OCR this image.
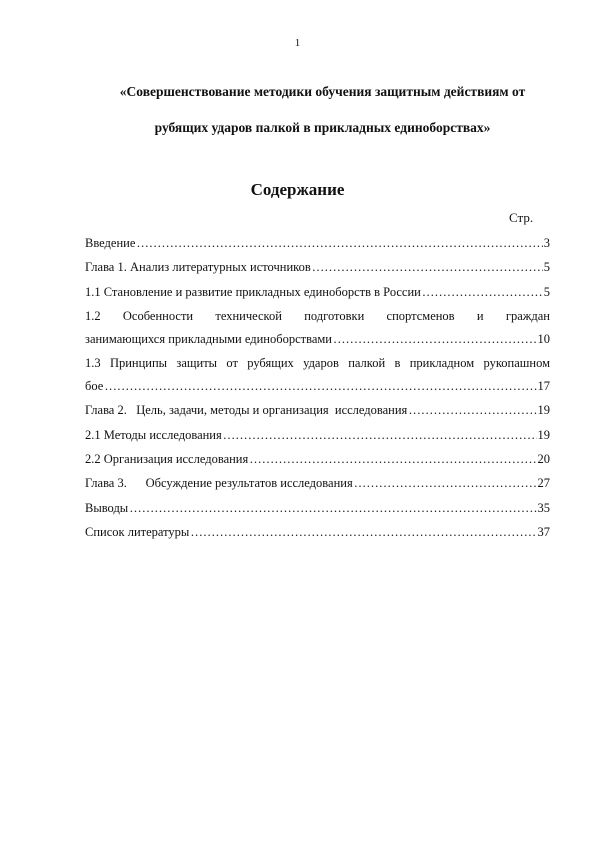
1
«Совершенствование методики обучения защитным действиям от
рубящих ударов палкой в прикладных единоборствах»
Содержание
Стр.
Введение …………………………………………………………………………………………………………………………………………………	3
Глава 1. Анализ литературных источников …………………………………………………………………………………………………………………………………………………	5
1.1 Становление и развитие прикладных единоборств в России …………………………………………………………………………………………………………………………………………………	5
1.2 Особенности технической подготовки спортсменов и граждан
занимающихся прикладными единоборствами …………………………………………………………………………………………………………………………………………………	10
1.3 Принципы защиты от рубящих ударов палкой в прикладном рукопашном
бое …………………………………………………………………………………………………………………………………………………	17
Глава 2.   Цель, задачи, методы и организация  исследования …………………………………………………………………………………………………………………………………………………	19
2.1 Методы исследования …………………………………………………………………………………………………………………………………………………	19
2.2 Организация исследования …………………………………………………………………………………………………………………………………………………	20
Глава 3.      Обсуждение результатов исследования …………………………………………………………………………………………………………………………………………………	27
Выводы …………………………………………………………………………………………………………………………………………………	35
Список литературы …………………………………………………………………………………………………………………………………………………	37
